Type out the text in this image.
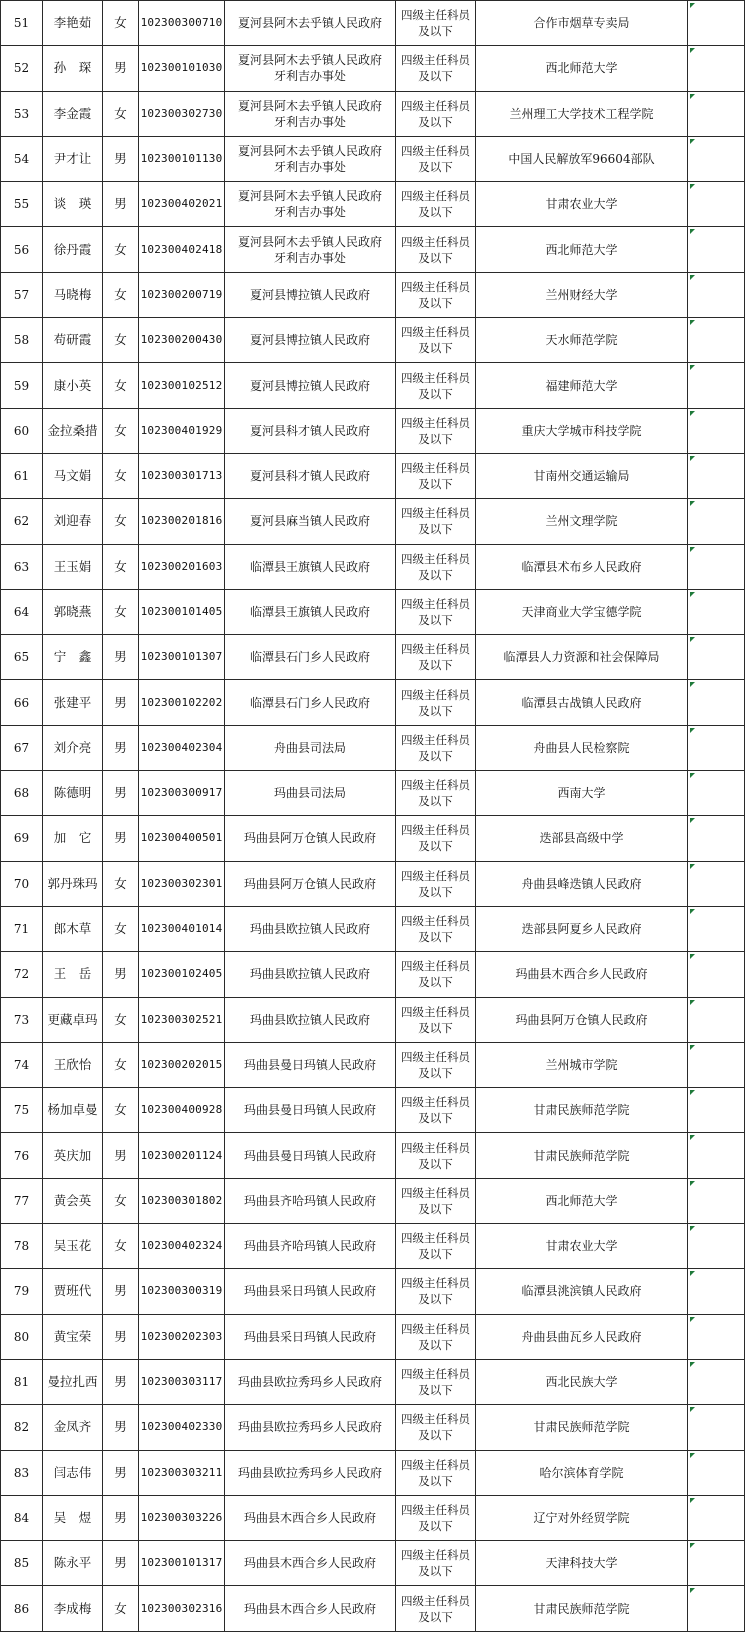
51	李艳茹	女	102300300710	夏河县阿木去乎镇人民政府	四级主任科员及以下	合作市烟草专卖局	

52	孙　琛	男	102300101030	夏河县阿木去乎镇人民政府牙利吉办事处	四级主任科员及以下	西北师范大学	

53	李金霞	女	102300302730	夏河县阿木去乎镇人民政府牙利吉办事处	四级主任科员及以下	兰州理工大学技术工程学院	

54	尹才让	男	102300101130	夏河县阿木去乎镇人民政府牙利吉办事处	四级主任科员及以下	中国人民解放军96604部队	

55	谈　瑛	男	102300402021	夏河县阿木去乎镇人民政府牙利吉办事处	四级主任科员及以下	甘肃农业大学	

56	徐丹霞	女	102300402418	夏河县阿木去乎镇人民政府牙利吉办事处	四级主任科员及以下	西北师范大学	

57	马晓梅	女	102300200719	夏河县博拉镇人民政府	四级主任科员及以下	兰州财经大学	

58	苟研霞	女	102300200430	夏河县博拉镇人民政府	四级主任科员及以下	天水师范学院	

59	康小英	女	102300102512	夏河县博拉镇人民政府	四级主任科员及以下	福建师范大学	

60	金拉桑措	女	102300401929	夏河县科才镇人民政府	四级主任科员及以下	重庆大学城市科技学院	

61	马文娟	女	102300301713	夏河县科才镇人民政府	四级主任科员及以下	甘南州交通运输局	

62	刘迎春	女	102300201816	夏河县麻当镇人民政府	四级主任科员及以下	兰州文理学院	

63	王玉娟	女	102300201603	临潭县王旗镇人民政府	四级主任科员及以下	临潭县术布乡人民政府	

64	郭晓燕	女	102300101405	临潭县王旗镇人民政府	四级主任科员及以下	天津商业大学宝德学院	

65	宁　鑫	男	102300101307	临潭县石门乡人民政府	四级主任科员及以下	临潭县人力资源和社会保障局	

66	张建平	男	102300102202	临潭县石门乡人民政府	四级主任科员及以下	临潭县古战镇人民政府	

67	刘介亮	男	102300402304	舟曲县司法局	四级主任科员及以下	舟曲县人民检察院	

68	陈德明	男	102300300917	玛曲县司法局	四级主任科员及以下	西南大学	

69	加　它	男	102300400501	玛曲县阿万仓镇人民政府	四级主任科员及以下	迭部县高级中学	

70	郭丹珠玛	女	102300302301	玛曲县阿万仓镇人民政府	四级主任科员及以下	舟曲县峰迭镇人民政府	

71	郎木草	女	102300401014	玛曲县欧拉镇人民政府	四级主任科员及以下	迭部县阿夏乡人民政府	

72	王　岳	男	102300102405	玛曲县欧拉镇人民政府	四级主任科员及以下	玛曲县木西合乡人民政府	

73	更藏卓玛	女	102300302521	玛曲县欧拉镇人民政府	四级主任科员及以下	玛曲县阿万仓镇人民政府	

74	王欣怡	女	102300202015	玛曲县曼日玛镇人民政府	四级主任科员及以下	兰州城市学院	

75	杨加卓曼	女	102300400928	玛曲县曼日玛镇人民政府	四级主任科员及以下	甘肃民族师范学院	

76	英庆加	男	102300201124	玛曲县曼日玛镇人民政府	四级主任科员及以下	甘肃民族师范学院	

77	黄会英	女	102300301802	玛曲县齐哈玛镇人民政府	四级主任科员及以下	西北师范大学	

78	吴玉花	女	102300402324	玛曲县齐哈玛镇人民政府	四级主任科员及以下	甘肃农业大学	

79	贾班代	男	102300300319	玛曲县采日玛镇人民政府	四级主任科员及以下	临潭县洮滨镇人民政府	

80	黄宝荣	男	102300202303	玛曲县采日玛镇人民政府	四级主任科员及以下	舟曲县曲瓦乡人民政府	

81	曼拉扎西	男	102300303117	玛曲县欧拉秀玛乡人民政府	四级主任科员及以下	西北民族大学	

82	金凤齐	男	102300402330	玛曲县欧拉秀玛乡人民政府	四级主任科员及以下	甘肃民族师范学院	

83	闫志伟	男	102300303211	玛曲县欧拉秀玛乡人民政府	四级主任科员及以下	哈尔滨体育学院	

84	吴　煜	男	102300303226	玛曲县木西合乡人民政府	四级主任科员及以下	辽宁对外经贸学院	

85	陈永平	男	102300101317	玛曲县木西合乡人民政府	四级主任科员及以下	天津科技大学	

86	李成梅	女	102300302316	玛曲县木西合乡人民政府	四级主任科员及以下	甘肃民族师范学院	
